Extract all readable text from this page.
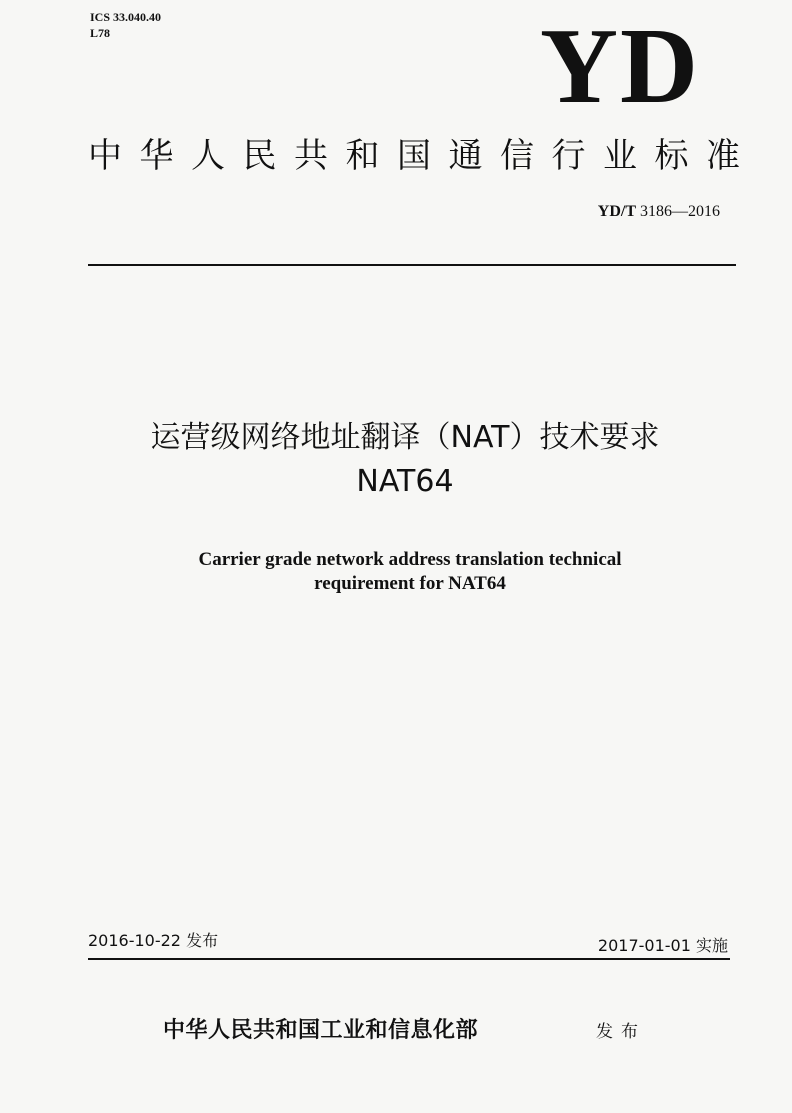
ICS 33.040.40
L78	YD
中华人民共和国通信行业标准
YD/T 3186—2016
运营级网络地址翻译（NAT）技术要求
NAT64
Carrier grade network address translation technical
requirement for NAT64
2016-10-22 发布	2017-01-01 实施
中华人民共和国工业和信息化部	发布
